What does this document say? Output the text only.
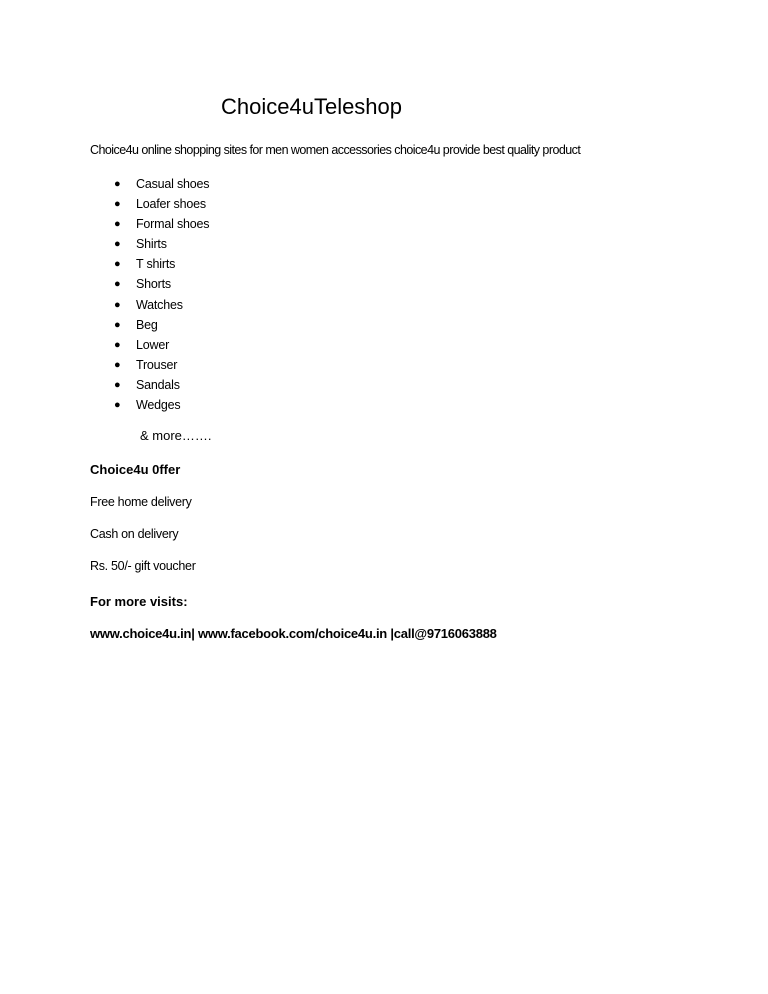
Choice4uTeleshop

Choice4u online shopping sites for men women accessories choice4u provide best quality product

● Casual shoes
● Loafer shoes
● Formal shoes
● Shirts
● T shirts
● Shorts
● Watches
● Beg
● Lower
● Trouser
● Sandals
● Wedges
& more…….

Choice4u 0ffer

Free home delivery

Cash on delivery

Rs. 50/- gift voucher

For more visits:

www.choice4u.in| www.facebook.com/choice4u.in |call@9716063888
